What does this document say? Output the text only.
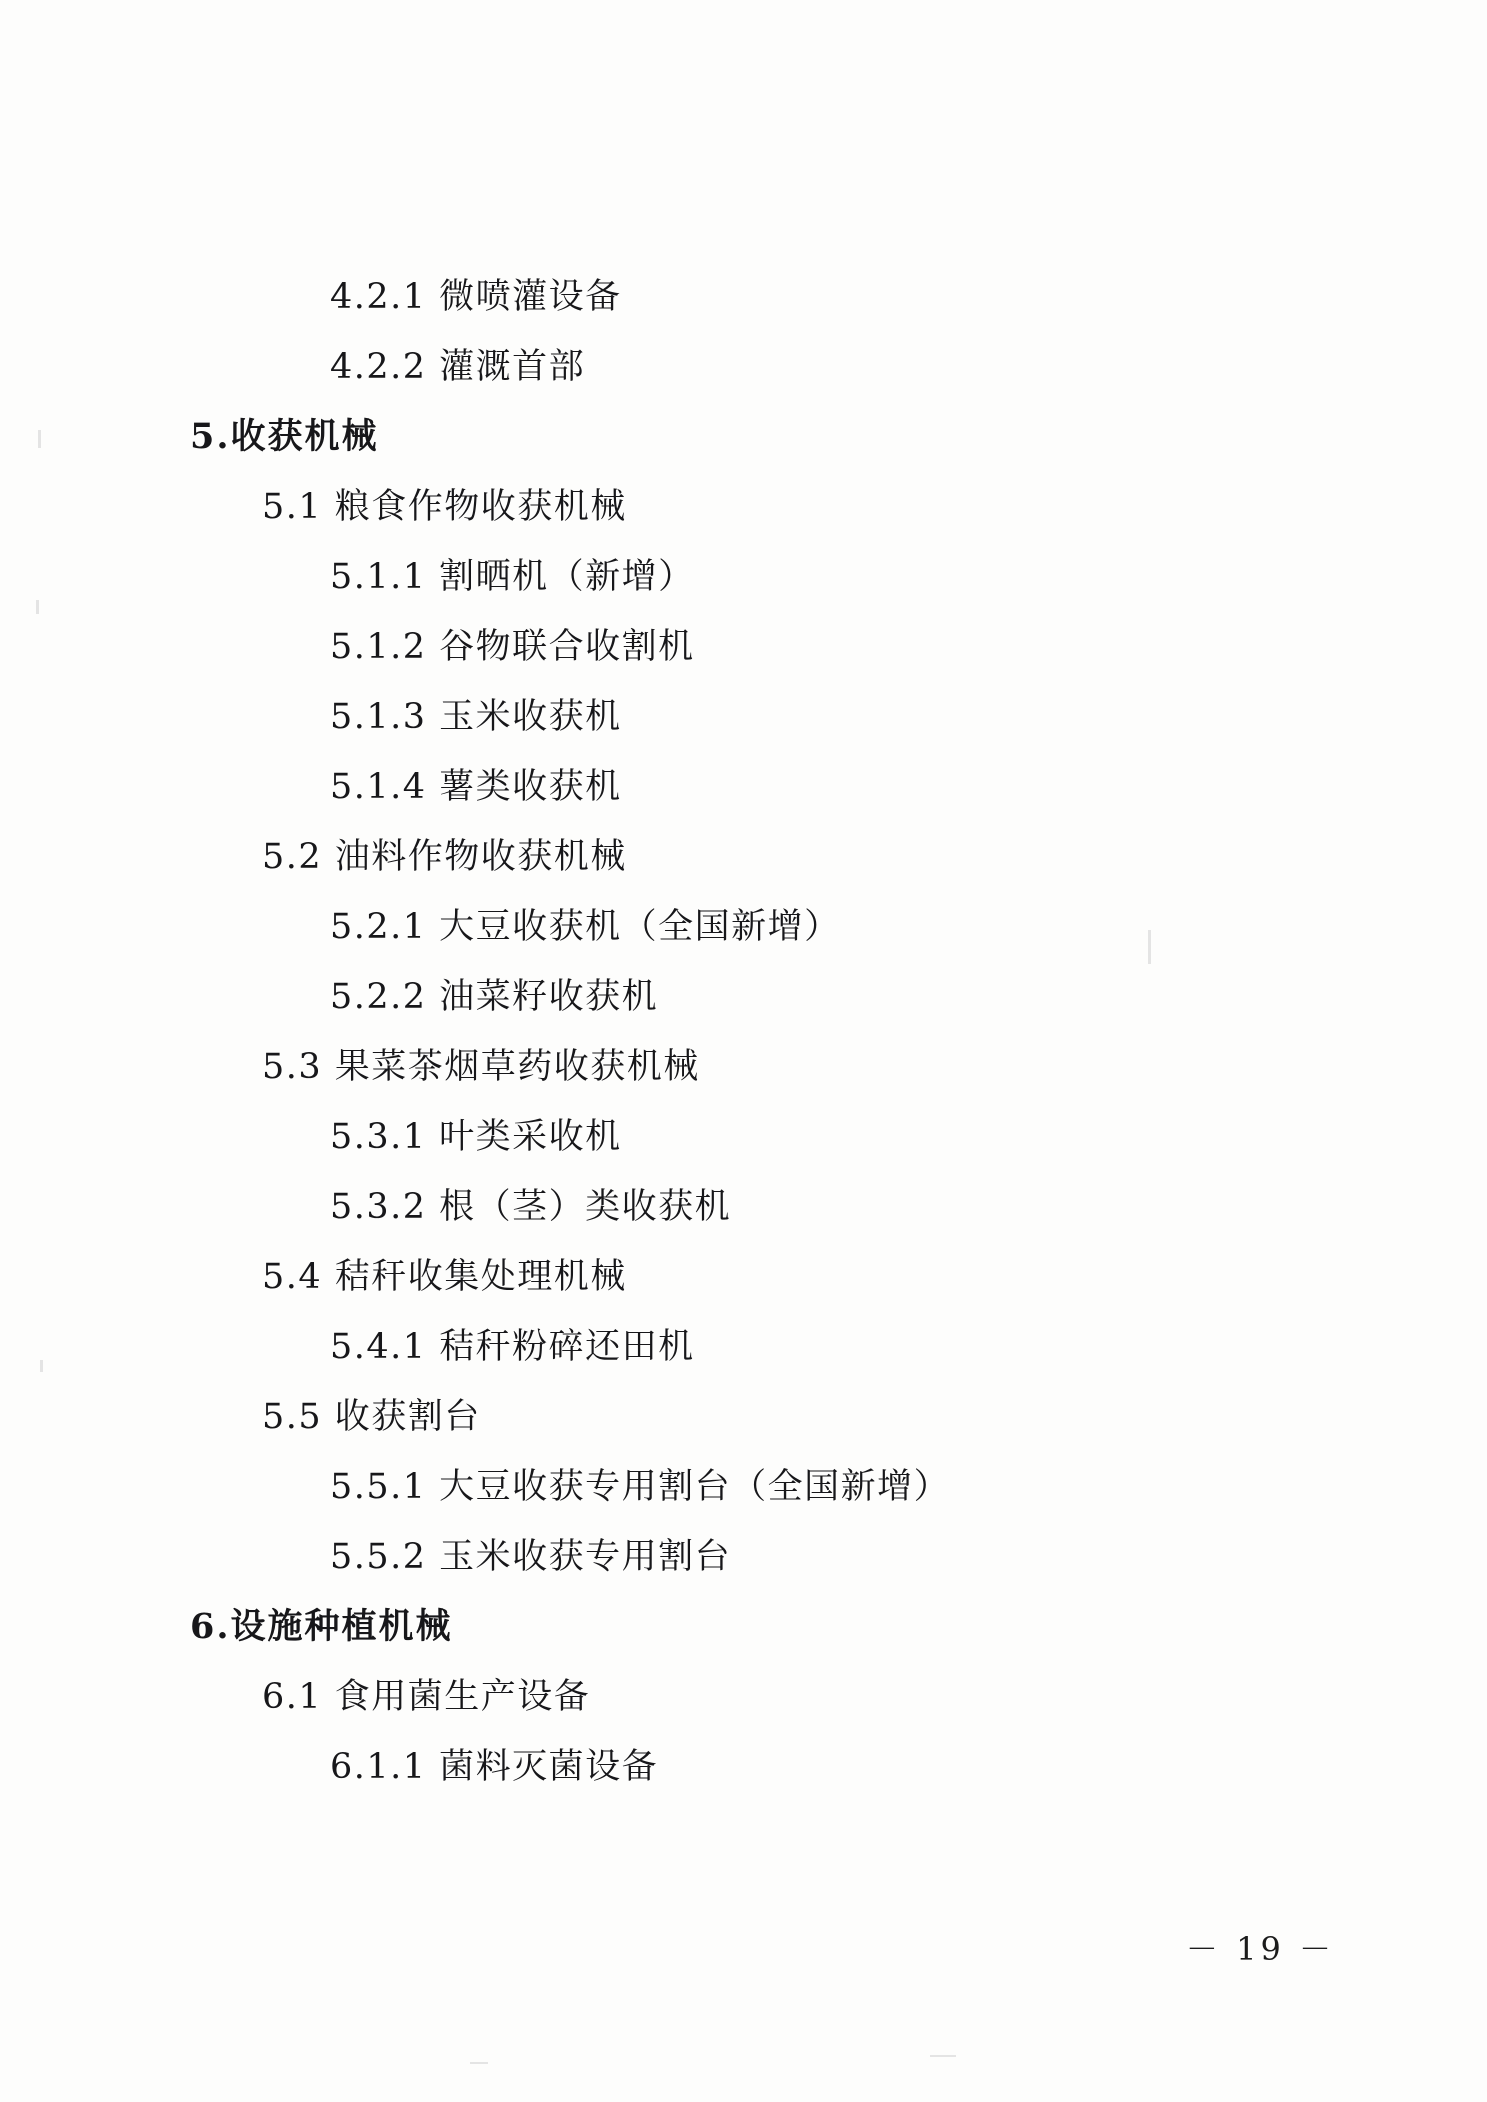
4.2.1 微喷灌设备
4.2.2 灌溉首部
5.收获机械
5.1 粮食作物收获机械
5.1.1 割晒机（新增）
5.1.2 谷物联合收割机
5.1.3 玉米收获机
5.1.4 薯类收获机
5.2 油料作物收获机械
5.2.1 大豆收获机（全国新增）
5.2.2 油菜籽收获机
5.3 果菜茶烟草药收获机械
5.3.1 叶类采收机
5.3.2 根（茎）类收获机
5.4 秸秆收集处理机械
5.4.1 秸秆粉碎还田机
5.5 收获割台
5.5.1 大豆收获专用割台（全国新增）
5.5.2 玉米收获专用割台
6.设施种植机械
6.1 食用菌生产设备
6.1.1 菌料灭菌设备
－ 19 －
